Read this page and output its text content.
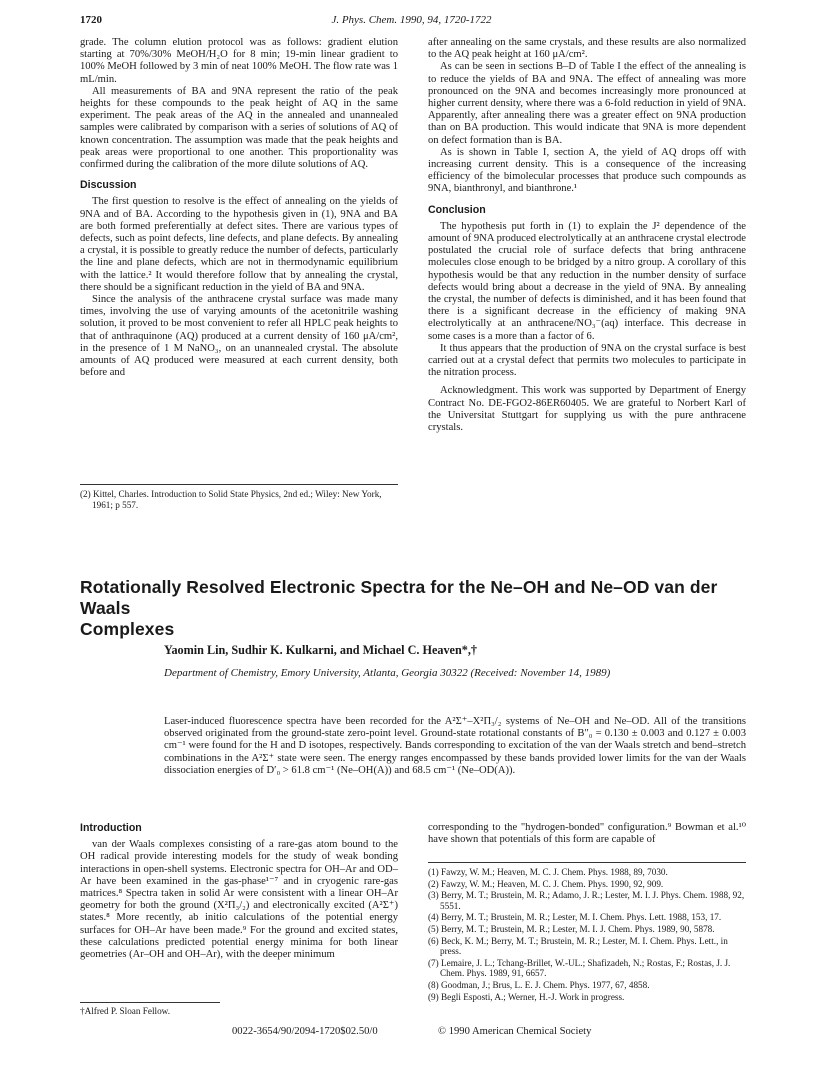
1720	J. Phys. Chem. 1990, 94, 1720-1722

grade. The column elution protocol was as follows: gradient elution starting at 70%/30% MeOH/H₂O for 8 min; 19-min linear gradient to 100% MeOH followed by 3 min of neat 100% MeOH. The flow rate was 1 mL/min.

All measurements of BA and 9NA represent the ratio of the peak heights for these compounds to the peak height of AQ in the same experiment. The peak areas of the AQ in the annealed and unannealed samples were calibrated by comparison with a series of solutions of AQ of known concentration. The assumption was made that the peak heights and peak areas were proportional to one another. This proportionality was confirmed during the calibration of the more dilute solutions of AQ.

Discussion

The first question to resolve is the effect of annealing on the yields of 9NA and of BA. According to the hypothesis given in (1), 9NA and BA are both formed preferentially at defect sites. There are various types of defects, such as point defects, line defects, and plane defects. By annealing a crystal, it is possible to greatly reduce the number of defects, particularly the line and plane defects, which are not in thermodynamic equilibrium with the lattice.² It would therefore follow that by annealing the crystal, there should be a significant reduction in the yield of BA and 9NA.

Since the analysis of the anthracene crystal surface was made many times, involving the use of varying amounts of the acetonitrile washing solution, it proved to be most convenient to refer all HPLC peak heights to that of anthraquinone (AQ) produced at a current density of 160 μA/cm², in the presence of 1 M NaNO₃, on an unannealed crystal. The absolute amounts of AQ produced were measured at each current density, both before and

(2) Kittel, Charles. Introduction to Solid State Physics, 2nd ed.; Wiley: New York, 1961; p 557.

after annealing on the same crystals, and these results are also normalized to the AQ peak height at 160 μA/cm².

As can be seen in sections B–D of Table I the effect of the annealing is to reduce the yields of BA and 9NA. The effect of annealing was more pronounced on the 9NA and becomes increasingly more pronounced at higher current density, where there was a 6-fold reduction in yield of 9NA. Apparently, after annealing there was a greater effect on 9NA production than on BA production. This would indicate that 9NA is more dependent on defect formation than is BA.

As is shown in Table I, section A, the yield of AQ drops off with increasing current density. This is a consequence of the increasing efficiency of the bimolecular processes that produce such compounds as 9NA, bianthronyl, and bianthrone.¹

Conclusion

The hypothesis put forth in (1) to explain the J² dependence of the amount of 9NA produced electrolytically at an anthracene crystal electrode postulated the crucial role of surface defects that bring anthracene molecules close enough to be bridged by a nitro group. A corollary of this hypothesis would be that any reduction in the number density of surface defects would bring about a decrease in the yield of 9NA. By annealing the crystal, the number of defects is diminished, and it has been found that there is a significant decrease in the efficiency of making 9NA electrolytically at an anthracene/NO₃⁻(aq) interface. This decrease in some cases is a more than a factor of 6.

It thus appears that the production of 9NA on the crystal surface is best carried out at a crystal defect that permits two molecules to participate in the nitration process.

Acknowledgment. This work was supported by Department of Energy Contract No. DE-FGO2-86ER60405. We are grateful to Norbert Karl of the Universitat Stuttgart for supplying us with the pure anthracene crystals.

Rotationally Resolved Electronic Spectra for the Ne–OH and Ne–OD van der Waals
Complexes
Yaomin Lin, Sudhir K. Kulkarni, and Michael C. Heaven*,†
Department of Chemistry, Emory University, Atlanta, Georgia 30322 (Received: November 14, 1989)
Laser-induced fluorescence spectra have been recorded for the A²Σ⁺–X²Π₃/₂ systems of Ne–OH and Ne–OD. All of the transitions observed originated from the ground-state zero-point level. Ground-state rotational constants of B″₀ = 0.130 ± 0.003 and 0.127 ± 0.003 cm⁻¹ were found for the H and D isotopes, respectively. Bands corresponding to excitation of the van der Waals stretch and bend–stretch combinations in the A²Σ⁺ state were seen. The energy ranges encompassed by these bands provided lower limits for the van der Waals dissociation energies of D′₀ > 61.8 cm⁻¹ (Ne–OH(A)) and 68.5 cm⁻¹ (Ne–OD(A)).
Introduction

van der Waals complexes consisting of a rare-gas atom bound to the OH radical provide interesting models for the study of weak bonding interactions in open-shell systems. Electronic spectra for OH–Ar and OD–Ar have been examined in the gas-phase¹⁻⁷ and in cryogenic rare-gas matrices.⁸ Spectra taken in solid Ar were consistent with a linear OH–Ar geometry for both the ground (X²Π₃/₂) and electronically excited (A²Σ⁺) states.⁸ More recently, ab initio calculations of the potential energy surfaces for OH–Ar have been made.⁹ For the ground and excited states, these calculations predicted potential energy minima for both linear geometries (Ar–OH and OH–Ar), with the deeper minimum

†Alfred P. Sloan Fellow.

corresponding to the "hydrogen-bonded" configuration.⁹ Bowman et al.¹⁰ have shown that potentials of this form are capable of

(1) Fawzy, W. M.; Heaven, M. C. J. Chem. Phys. 1988, 89, 7030.

(2) Fawzy, W. M.; Heaven, M. C. J. Chem. Phys. 1990, 92, 909.

(3) Berry, M. T.; Brustein, M. R.; Adamo, J. R.; Lester, M. I. J. Phys. Chem. 1988, 92, 5551.

(4) Berry, M. T.; Brustein, M. R.; Lester, M. I. Chem. Phys. Lett. 1988, 153, 17.

(5) Berry, M. T.; Brustein, M. R.; Lester, M. I. J. Chem. Phys. 1989, 90, 5878.

(6) Beck, K. M.; Berry, M. T.; Brustein, M. R.; Lester, M. I. Chem. Phys. Lett., in press.

(7) Lemaire, J. L.; Tchang-Brillet, W.-UL.; Shafizadeh, N.; Rostas, F.; Rostas, J. J. Chem. Phys. 1989, 91, 6657.

(8) Goodman, J.; Brus, L. E. J. Chem. Phys. 1977, 67, 4858.

(9) Begli Esposti, A.; Werner, H.-J. Work in progress.

0022-3654/90/2094-1720$02.50/0	© 1990 American Chemical Society
